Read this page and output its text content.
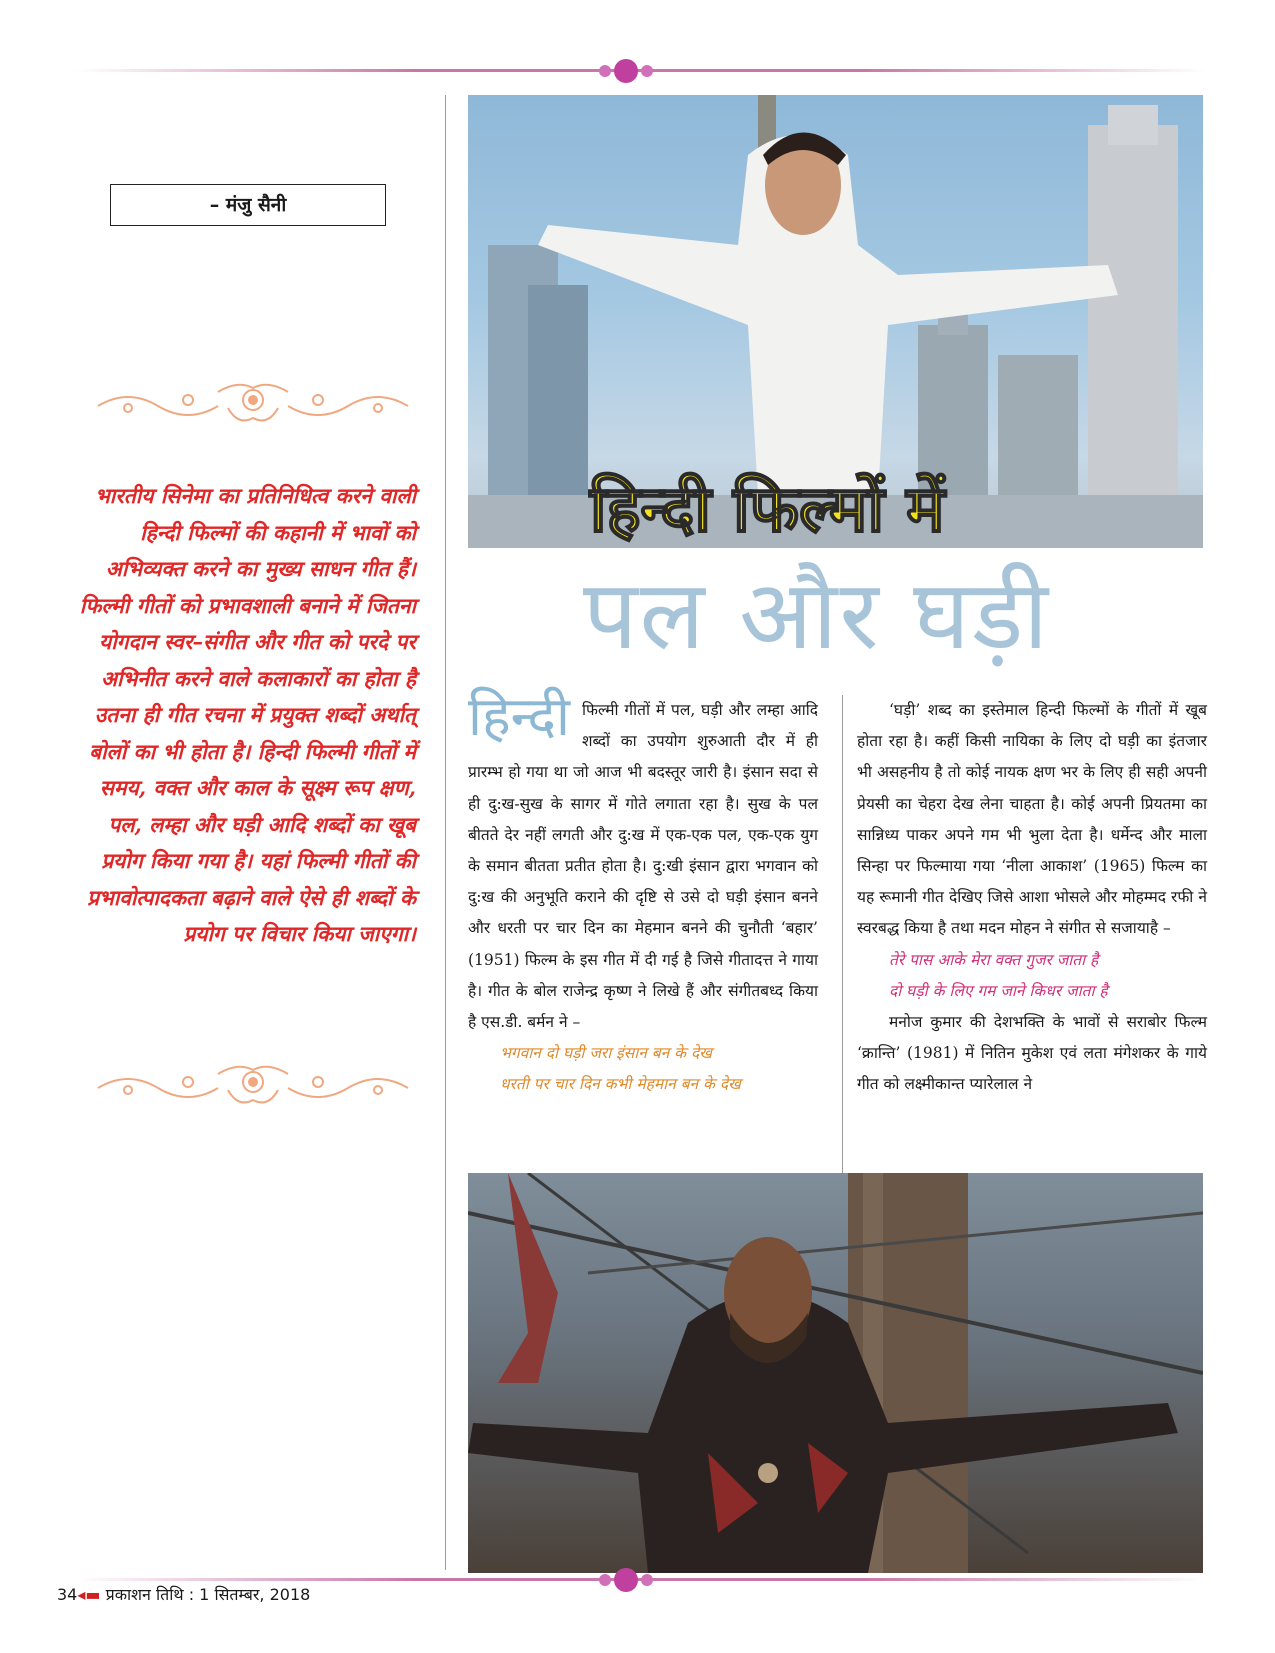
– मंजु सैनी

भारतीय सिनेमा का प्रतिनिधित्व करने वाली हिन्दी फिल्मों की कहानी में भावों को अभिव्यक्त करने का मुख्य साधन गीत हैं। फिल्मी गीतों को प्रभावशाली बनाने में जितना योगदान स्वर–संगीत और गीत को परदे पर अभिनीत करने वाले कलाकारों का होता है उतना ही गीत रचना में प्रयुक्त शब्दों अर्थात् बोलों का भी होता है। हिन्दी फिल्मी गीतों में समय, वक्त और काल के सूक्ष्म रूप क्षण, पल, लम्हा और घड़ी आदि शब्दों का खूब प्रयोग किया गया है। यहां फिल्मी गीतों की प्रभावोत्पादकता बढ़ाने वाले ऐसे ही शब्दों के प्रयोग पर विचार किया जाएगा।

हिन्दी फिल्मों में
पल और घड़ी
हिन्दी फिल्मी गीतों में पल, घड़ी और लम्हा आदि शब्दों का उपयोग शुरुआती दौर में ही प्रारम्भ हो गया था जो आज भी बदस्तूर जारी है। इंसान सदा से ही दु:ख-सुख के सागर में गोते लगाता रहा है। सुख के पल बीतते देर नहीं लगती और दु:ख में एक-एक पल, एक-एक युग के समान बीतता प्रतीत होता है। दु:खी इंसान द्वारा भगवान को दु:ख की अनुभूति कराने की दृष्टि से उसे दो घड़ी इंसान बनने और धरती पर चार दिन का मेहमान बनने की चुनौती ‘बहार’ (1951) फिल्म के इस गीत में दी गई है जिसे गीतादत्त ने गाया है। गीत के बोल राजेन्द्र कृष्ण ने लिखे हैं और संगीतबध्द किया है एस.डी. बर्मन ने –

भगवान दो घड़ी जरा इंसान बन के देख

धरती पर चार दिन कभी मेहमान बन के देख

‘घड़ी’ शब्द का इस्तेमाल हिन्दी फिल्मों के गीतों में खूब होता रहा है। कहीं किसी नायिका के लिए दो घड़ी का इंतजार भी असहनीय है तो कोई नायक क्षण भर के लिए ही सही अपनी प्रेयसी का चेहरा देख लेना चाहता है। कोई अपनी प्रियतमा का सान्निध्य पाकर अपने गम भी भुला देता है। धर्मेन्द और माला सिन्हा पर फिल्माया गया ‘नीला आकाश’ (1965) फिल्म का यह रूमानी गीत देखिए जिसे आशा भोसले और मोहम्मद रफी ने स्वरबद्ध किया है तथा मदन मोहन ने संगीत से सजायाहै –

तेरे पास आके मेरा वक्त गुजर जाता है

दो घड़ी के लिए गम जाने किधर जाता है

मनोज कुमार की देशभक्ति के भावों से सराबोर फिल्म ‘क्रान्ति’ (1981) में नितिन मुकेश एवं लता मंगेशकर के गाये गीत को लक्ष्मीकान्त प्यारेलाल ने

34◂▬ प्रकाशन तिथि : 1 सितम्बर, 2018
